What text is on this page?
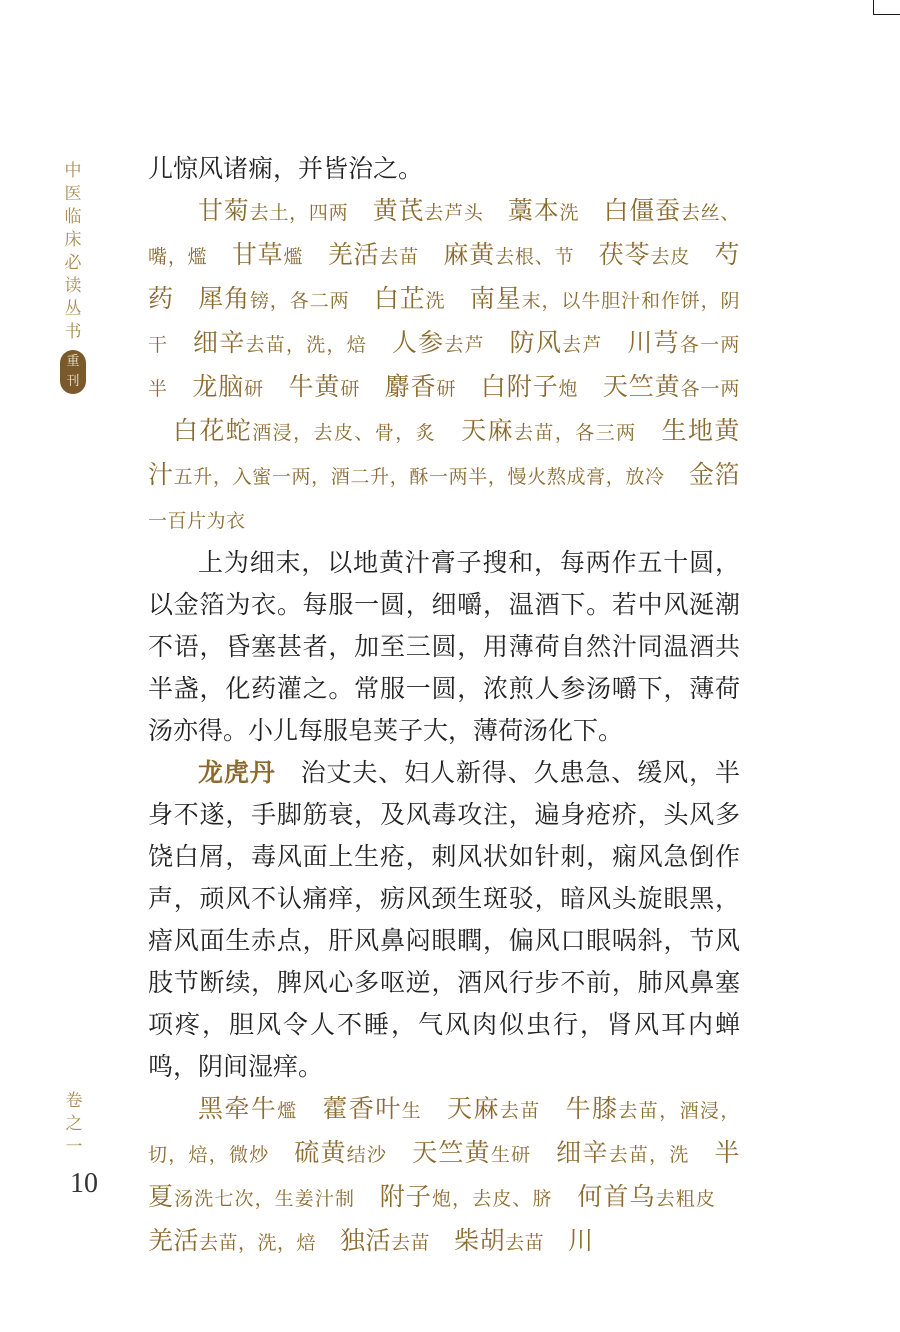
中
医
临
床
必
读
丛
书
重
刊
卷
之
一
10

儿惊风诸痫，并皆治之。

甘菊去土，四两 黄芪去芦头 藁本洗 白僵蚕去丝、嘴，爁 甘草爁 羌活去苗 麻黄去根、节 茯苓去皮 芍药 犀角镑，各二两 白芷洗 南星末，以牛胆汁和作饼，阴干 细辛去苗，洗，焙 人参去芦 防风去芦 川芎各一两半 龙脑研 牛黄研 麝香研 白附子炮 天竺黄各一两白花蛇酒浸，去皮、骨，炙 天麻去苗，各三两 生地黄汁五升，入蜜一两，酒二升，酥一两半，慢火熬成膏，放冷 金箔一百片为衣

上为细末，以地黄汁膏子搜和，每两作五十圆，以金箔为衣。每服一圆，细嚼，温酒下。若中风涎潮不语，昏塞甚者，加至三圆，用薄荷自然汁同温酒共半盏，化药灌之。常服一圆，浓煎人参汤嚼下，薄荷汤亦得。小儿每服皂荚子大，薄荷汤化下。

龙虎丹 治丈夫、妇人新得、久患急、缓风，半身不遂，手脚筋衰，及风毒攻注，遍身疮疥，头风多饶白屑，毒风面上生疮，刺风状如针刺，痫风急倒作声，顽风不认痛痒，疬风颈生斑驳，暗风头旋眼黑，瘖风面生赤点，肝风鼻闷眼瞤，偏风口眼㖞斜，节风肢节断续，脾风心多呕逆，酒风行步不前，肺风鼻塞项疼，胆风令人不睡，气风肉似虫行，肾风耳内蝉鸣，阴间湿痒。

黑牵牛爁 藿香叶生 天麻去苗 牛膝去苗，酒浸，切，焙，微炒 硫黄结沙 天竺黄生研 细辛去苗，洗 半夏汤洗七次，生姜汁制 附子炮，去皮、脐 何首乌去粗皮羌活去苗，洗，焙 独活去苗 柴胡去苗 川
